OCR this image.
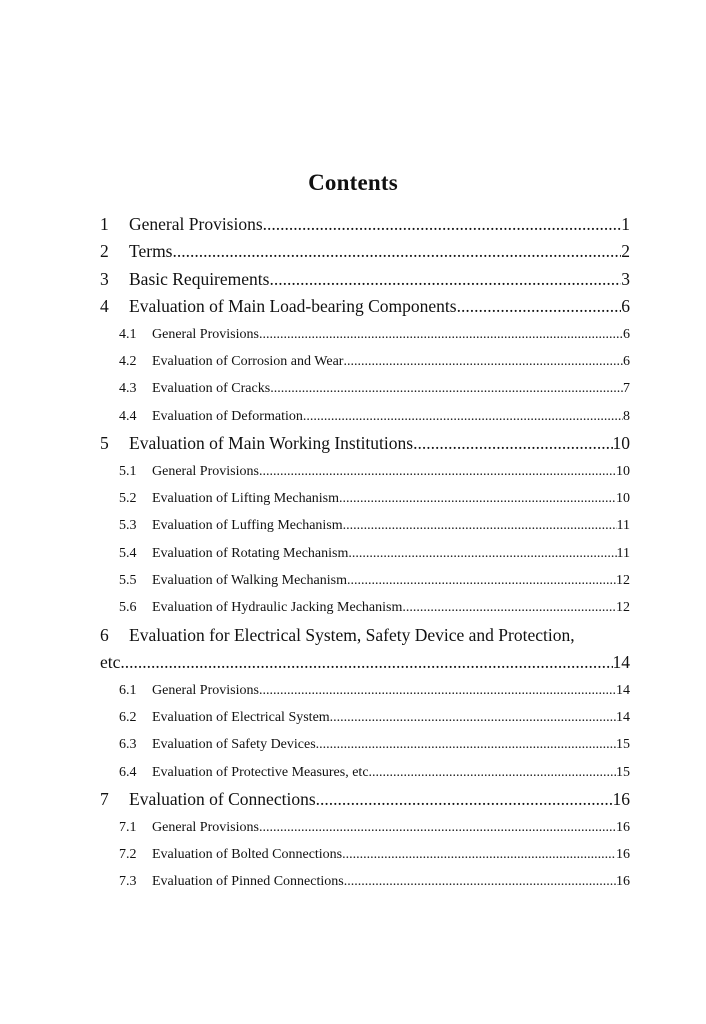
Contents
1	General Provisions .....	1
2	Terms .....	2
3	Basic Requirements .....	3
4	Evaluation of Main Load-bearing Components .....	6
4.1	General Provisions .....	6
4.2	Evaluation of Corrosion and Wear .....	6
4.3	Evaluation of Cracks .....	7
4.4	Evaluation of Deformation .....	8
5	Evaluation of Main Working Institutions .....	10
5.1	General Provisions .....	10
5.2	Evaluation of Lifting Mechanism .....	10
5.3	Evaluation of Luffing Mechanism .....	11
5.4	Evaluation of Rotating Mechanism .....	11
5.5	Evaluation of Walking Mechanism .....	12
5.6	Evaluation of Hydraulic Jacking Mechanism .....	12
6	Evaluation for Electrical System, Safety Device and Protection,
etc .....	14
6.1	General Provisions .....	14
6.2	Evaluation of Electrical System .....	14
6.3	Evaluation of Safety Devices .....	15
6.4	Evaluation of Protective Measures, etc .....	15
7	Evaluation of Connections .....	16
7.1	General Provisions .....	16
7.2	Evaluation of Bolted Connections .....	16
7.3	Evaluation of Pinned Connections .....	16
